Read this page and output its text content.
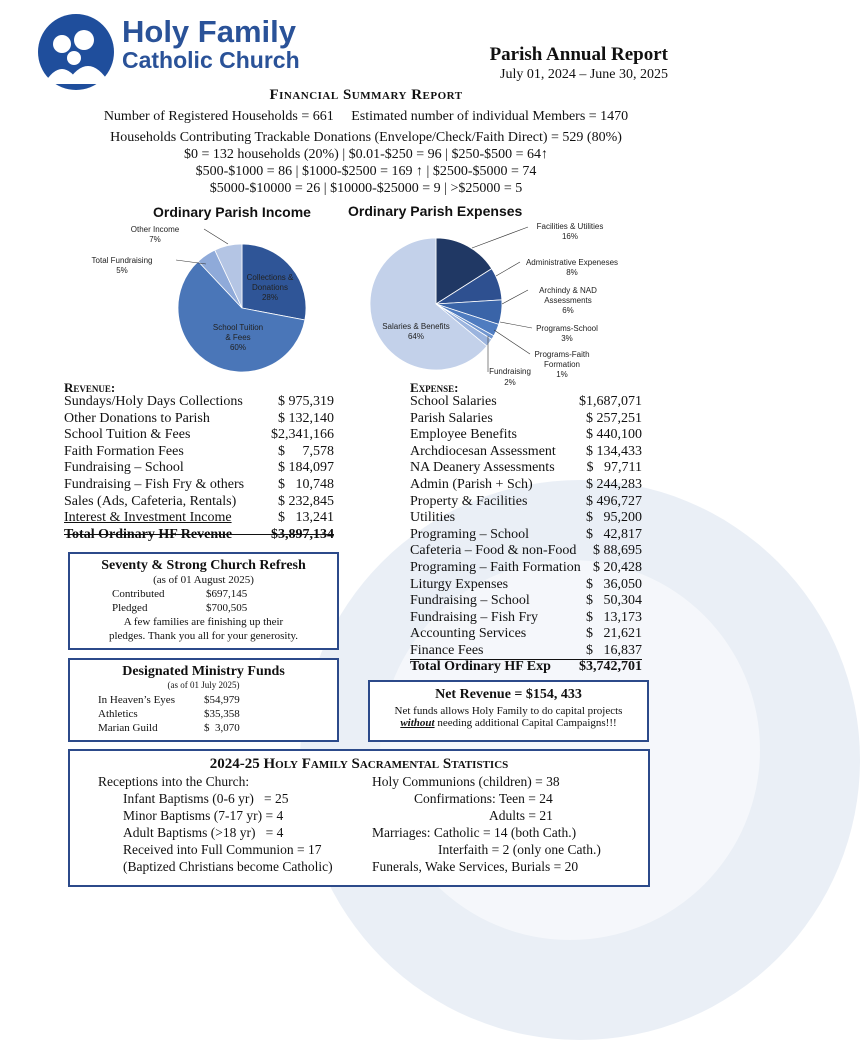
Holy Family
Catholic Church	Parish Annual Report
July 01, 2024 – June 30, 2025
Financial Summary Report
Number of Registered Households = 661     Estimated number of individual Members = 1470
Households Contributing Trackable Donations (Envelope/Check/Faith Direct) = 529 (80%)
$0 = 132 households (20%) | $0.01-$250 = 96 | $250-$500 = 64↑
$500-$1000 = 86 | $1000-$2500 = 169 ↑ | $2500-$5000 = 74
$5000-$10000 = 26 | $10000-$25000 = 9 | >$25000 = 5
Ordinary Parish Income	Ordinary Parish Expenses
Other Income
7%
Total Fundraising
5%
Collections &
Donations
28%
School Tuition
& Fees
60%
Facilities & Utilities
16%
Administrative Expeneses
8%
Archindy & NAD
Assessments
6%
Programs-School
3%
Programs-Faith
Formation
1%
Fundraising
2%
Salaries & Benefits
64%
Revenue:
Sundays/Holy Days Collections	$ 975,319
Other Donations to Parish	$ 132,140
School Tuition & Fees	$2,341,166
Faith Formation Fees	$     7,578
Fundraising – School	$ 184,097
Fundraising – Fish Fry & others	$   10,748
Sales (Ads, Cafeteria, Rentals)	$ 232,845
Interest & Investment Income	$   13,241
Total Ordinary HF Revenue	$3,897,134
Expense:
School Salaries	$1,687,071
Parish Salaries	$ 257,251
Employee Benefits	$ 440,100
Archdiocesan Assessment	$ 134,433
NA Deanery Assessments	$   97,711
Admin (Parish + Sch)	$ 244,283
Property & Facilities	$ 496,727
Utilities	$   95,200
Programing – School	$   42,817
Cafeteria – Food & non-Food	$ 88,695
Programing – Faith Formation $ 20,428
Liturgy Expenses	$   36,050
Fundraising – School	$   50,304
Fundraising – Fish Fry	$   13,173
Accounting Services	$   21,621
Finance Fees	$   16,837
Total Ordinary HF Exp	$3,742,701
Seventy & Strong Church Refresh
(as of 01 August 2025)
Contributed	$697,145
Pledged	$700,505
A few families are finishing up their
pledges. Thank you all for your generosity.
Designated Ministry Funds
(as of 01 July 2025)
In Heaven’s Eyes	$54,979
Athletics	$35,358
Marian Guild	$  3,070
Net Revenue = $154, 433
Net funds allows Holy Family to do capital projects
without needing additional Capital Campaigns!!!
2024-25 Holy Family Sacramental Statistics
Receptions into the Church:
Infant Baptisms (0-6 yr)   = 25
Minor Baptisms (7-17 yr) = 4
Adult Baptisms (>18 yr)   = 4
Received into Full Communion = 17
(Baptized Christians become Catholic)
Holy Communions (children) = 38
Confirmations: Teen = 24
Adults = 21
Marriages: Catholic = 14 (both Cath.)
Interfaith = 2 (only one Cath.)
Funerals, Wake Services, Burials = 20
